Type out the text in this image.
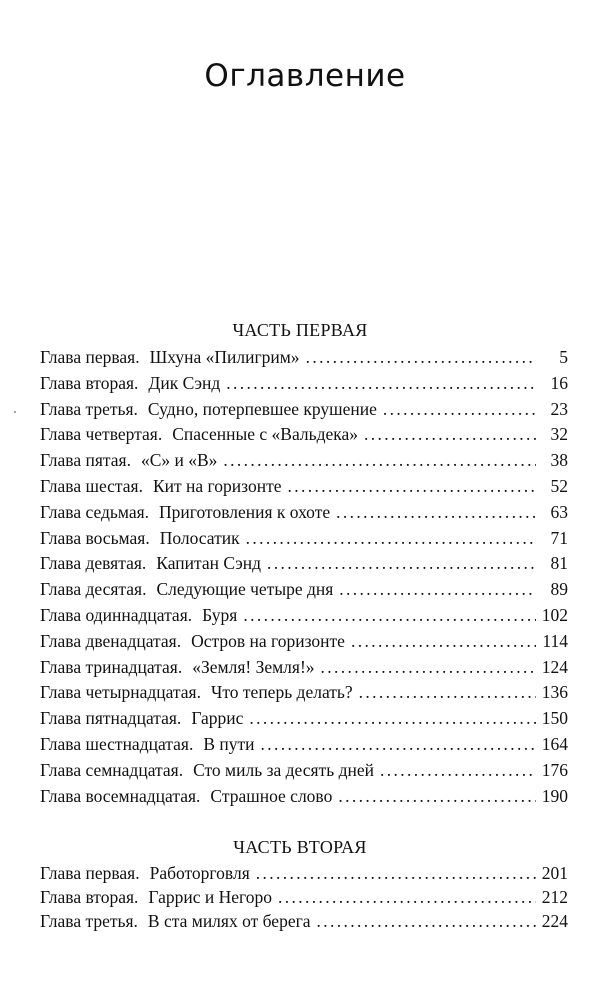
Оглавление
ЧАСТЬ ПЕРВАЯ
Глава первая. Шхуна «Пилигрим» . . .	5
Глава вторая. Дик Сэнд . . .	16
Глава третья. Судно, потерпевшее крушение . . .	23
Глава четвертая. Спасенные с «Вальдека» . . .	32
Глава пятая. «С» и «В» . . .	38
Глава шестая. Кит на горизонте . . .	52
Глава седьмая. Приготовления к охоте . . .	63
Глава восьмая. Полосатик . . .	71
Глава девятая. Капитан Сэнд . . .	81
Глава десятая. Следующие четыре дня . . .	89
Глава одиннадцатая. Буря . . .	102
Глава двенадцатая. Остров на горизонте . . .	114
Глава тринадцатая. «Земля! Земля!» . . .	124
Глава четырнадцатая. Что теперь делать? . . .	136
Глава пятнадцатая. Гаррис . . .	150
Глава шестнадцатая. В пути . . .	164
Глава семнадцатая. Сто миль за десять дней . . .	176
Глава восемнадцатая. Страшное слово . . .	190
ЧАСТЬ ВТОРАЯ
Глава первая. Работорговля . . .	201
Глава вторая. Гаррис и Негоро . . .	212
Глава третья. В ста милях от берега . . .	224
